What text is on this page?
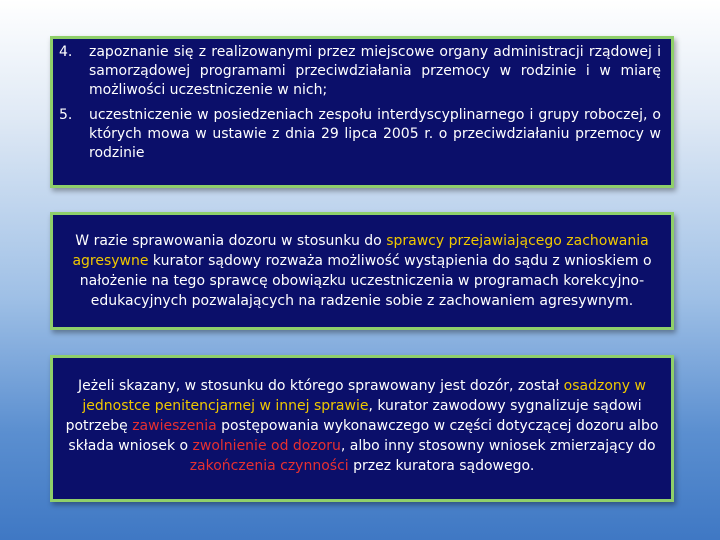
4.	zapoznanie się z realizowanymi przez miejscowe organy administracji rządowej i samorządowej programami przeciwdziałania przemocy w rodzinie i w miarę możliwości uczestniczenie w nich;
5.	uczestniczenie w posiedzeniach zespołu interdyscyplinarnego i grupy roboczej, o których mowa w ustawie z dnia 29 lipca 2005 r. o przeciwdziałaniu przemocy w rodzinie

W razie sprawowania dozoru w stosunku do sprawcy przejawiającego zachowania agresywne kurator sądowy rozważa możliwość wystąpienia do sądu z wnioskiem o nałożenie na tego sprawcę obowiązku uczestniczenia w programach korekcyjno-edukacyjnych pozwalających na radzenie sobie z zachowaniem agresywnym.

Jeżeli skazany, w stosunku do którego sprawowany jest dozór, został osadzony w jednostce penitencjarnej w innej sprawie, kurator zawodowy sygnalizuje sądowi potrzebę zawieszenia postępowania wykonawczego w części dotyczącej dozoru albo składa wniosek o zwolnienie od dozoru, albo inny stosowny wniosek zmierzający do zakończenia czynności przez kuratora sądowego.
